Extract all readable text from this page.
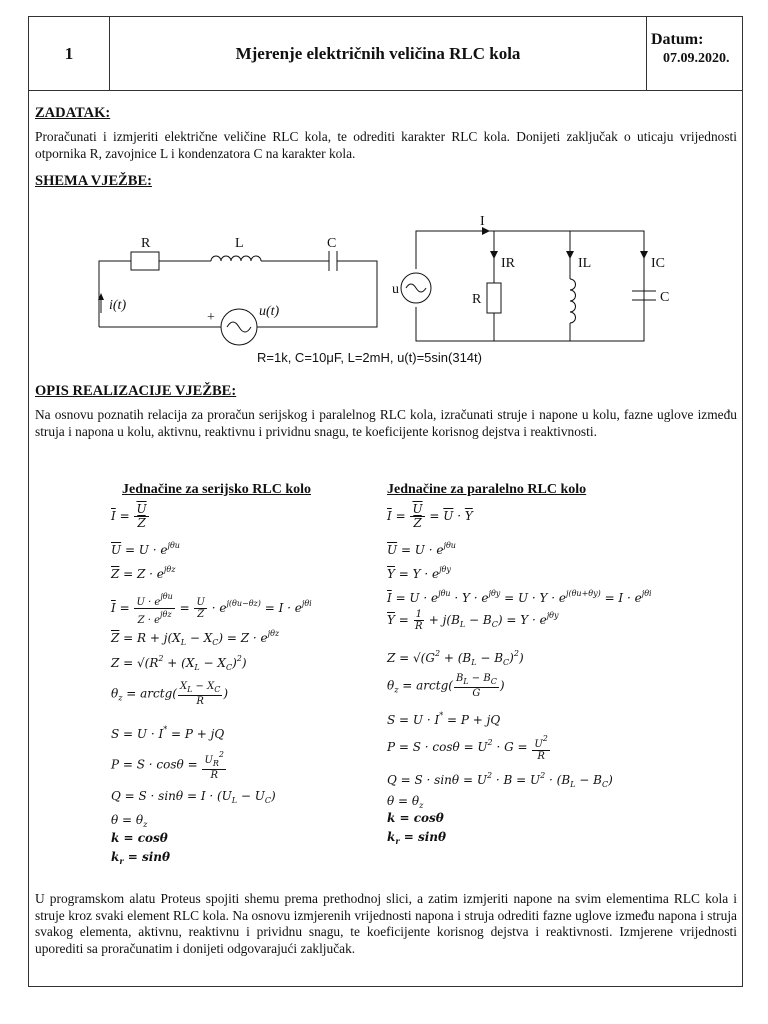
1	Mjerenje električnih veličina RLC kola
Datum:
07.09.2020.
ZADATAK:
Proračunati i izmjeriti električne veličine RLC kola, te odrediti karakter RLC kola. Donijeti zaključak o uticaju vrijednosti otpornika R, zavojnice L i kondenzatora C na karakter kola.
SHEMA VJEŽBE:
R	L	C
i(t)
+	u(t)
I
IR	IL	IC
R	C
u
R=1k, C=10μF, L=2mH, u(t)=5sin(314t)
OPIS REALIZACIJE VJEŽBE:
Na osnovu poznatih relacija za proračun serijskog i paralelnog RLC kola, izračunati struje i napone u kolu, fazne uglove između struja i napona u kolu, aktivnu, reaktivnu i prividnu snagu, te koeficijente korisnog dejstva i reaktivnosti.
Jednačine za serijsko RLC kolo	Jednačine za paralelno RLC kolo
$\overline{I} = \frac{\overline{U}}{Z}$
$\overline{U} = U \cdot e^{j\theta u}$
$\overline{Z} = Z \cdot e^{j\theta z}$
$\overline{I} = \frac{U \cdot e^{j\theta u}}{Z \cdot e^{j\theta z}} = \frac{U}{Z} \cdot e^{j(\theta u-\theta z)} = I \cdot e^{j\theta i}$
$\overline{Z} = R + j(X_L - X_C) = Z \cdot e^{j\theta z}$
$Z = √(R^2 + (X_L - X_C)^2)$
$\theta_z$ = arctg( $\frac{X_L - X_C}{R}$ )
S = U · I* = P + jQ
$P = S \cdot \cos\theta = \frac{U_R^2}{R}$
$Q = S \cdot \sin\theta = I \cdot (U_L - U_C)$
$\theta = \theta_z$
k = cosθ
$k_r = \sin\theta$
$\overline{I} = \frac{\overline{U}}{Z} = \overline{U} \cdot \overline{Y}$
$\overline{U} = U \cdot e^{j\theta u}$
$\overline{Y} = Y \cdot e^{j\theta y}$
$\overline{I} = U \cdot e^{j\theta u} \cdot Y \cdot e^{j\theta y} = U \cdot Y \cdot e^{j(\theta u+\theta y)} = I \cdot e^{j\theta i}$
$\overline{Y} = \frac{1}{R} + j(B_L - B_C) = Y \cdot e^{j\theta y}$
$Z = √(G^2 + (B_L - B_C)^2)$
$\theta_z$ = arctg( $\frac{B_L - B_C}{G}$ )
S = U · I* = P + jQ
$P = S \cdot \cos\theta = U^2 \cdot G = \frac{U^2}{R}$
$Q = S \cdot \sin\theta = U^2 \cdot B = U^2 \cdot (B_L - B_C)$
$\theta = \theta_z$
k = cosθ
$k_r = \sin\theta$
U programskom alatu Proteus spojiti shemu prema prethodnoj slici, a zatim izmjeriti napone na svim elementima RLC kola i struje kroz svaki element RLC kola. Na osnovu izmjerenih vrijednosti napona i struja odrediti fazne uglove između napona i struja svakog elementa, aktivnu, reaktivnu i prividnu snagu, te koeficijente korisnog dejstva i reaktivnosti. Izmjerene vrijednosti uporediti sa proračunatim i donijeti odgovarajući zaključak.
